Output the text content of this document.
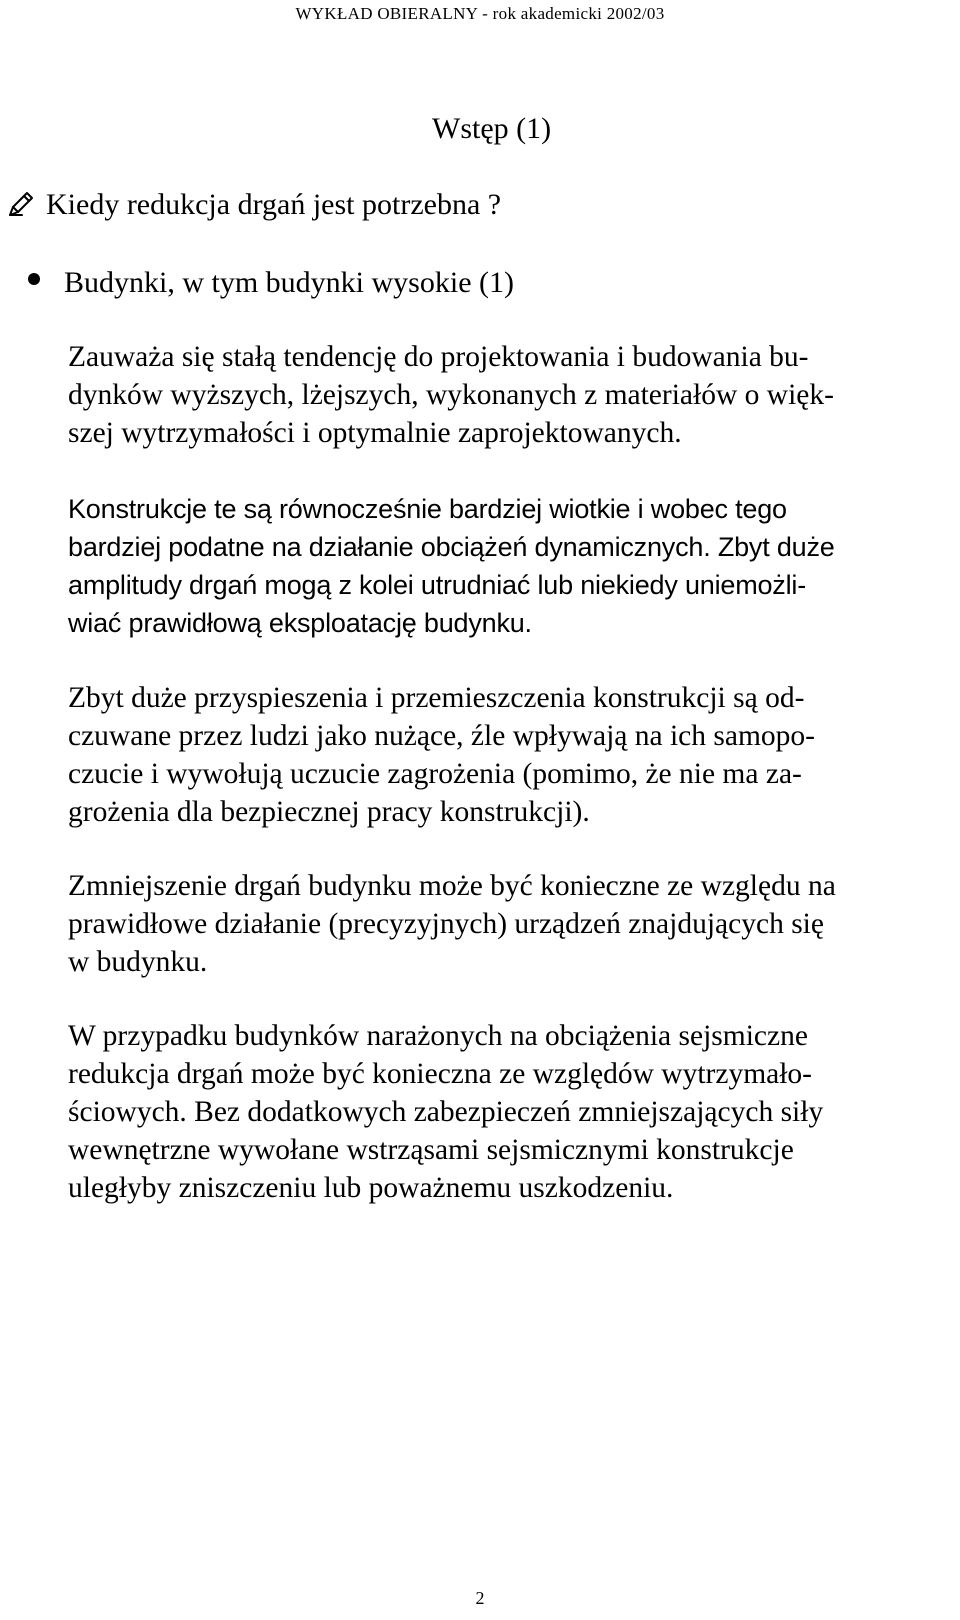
WYKŁAD OBIERALNY - rok akademicki 2002/03
Wstęp (1)
Kiedy redukcja drgań jest potrzebna ?
Budynki, w tym budynki wysokie (1)

Zauważa się stałą tendencję do projektowania i budowania bu-
dynków wyższych, lżejszych, wykonanych z materiałów o więk-
szej wytrzymałości i optymalnie zaprojektowanych.

Konstrukcje te są równocześnie bardziej wiotkie i wobec tego
bardziej podatne na działanie obciążeń dynamicznych. Zbyt duże
amplitudy drgań mogą z kolei utrudniać lub niekiedy uniemożli-
wiać prawidłową eksploatację budynku.

Zbyt duże przyspieszenia i przemieszczenia konstrukcji są od-
czuwane przez ludzi jako nużące, źle wpływają na ich samopo-
czucie i wywołują uczucie zagrożenia (pomimo, że nie ma za-
grożenia dla bezpiecznej pracy konstrukcji).

Zmniejszenie drgań budynku może być konieczne ze względu na
prawidłowe działanie (precyzyjnych) urządzeń znajdujących się
w budynku.

W przypadku budynków narażonych na obciążenia sejsmiczne
redukcja drgań może być konieczna ze względów wytrzymało-
ściowych. Bez dodatkowych zabezpieczeń zmniejszających siły
wewnętrzne wywołane wstrząsami sejsmicznymi konstrukcje
uległyby zniszczeniu lub poważnemu uszkodzeniu.

2
